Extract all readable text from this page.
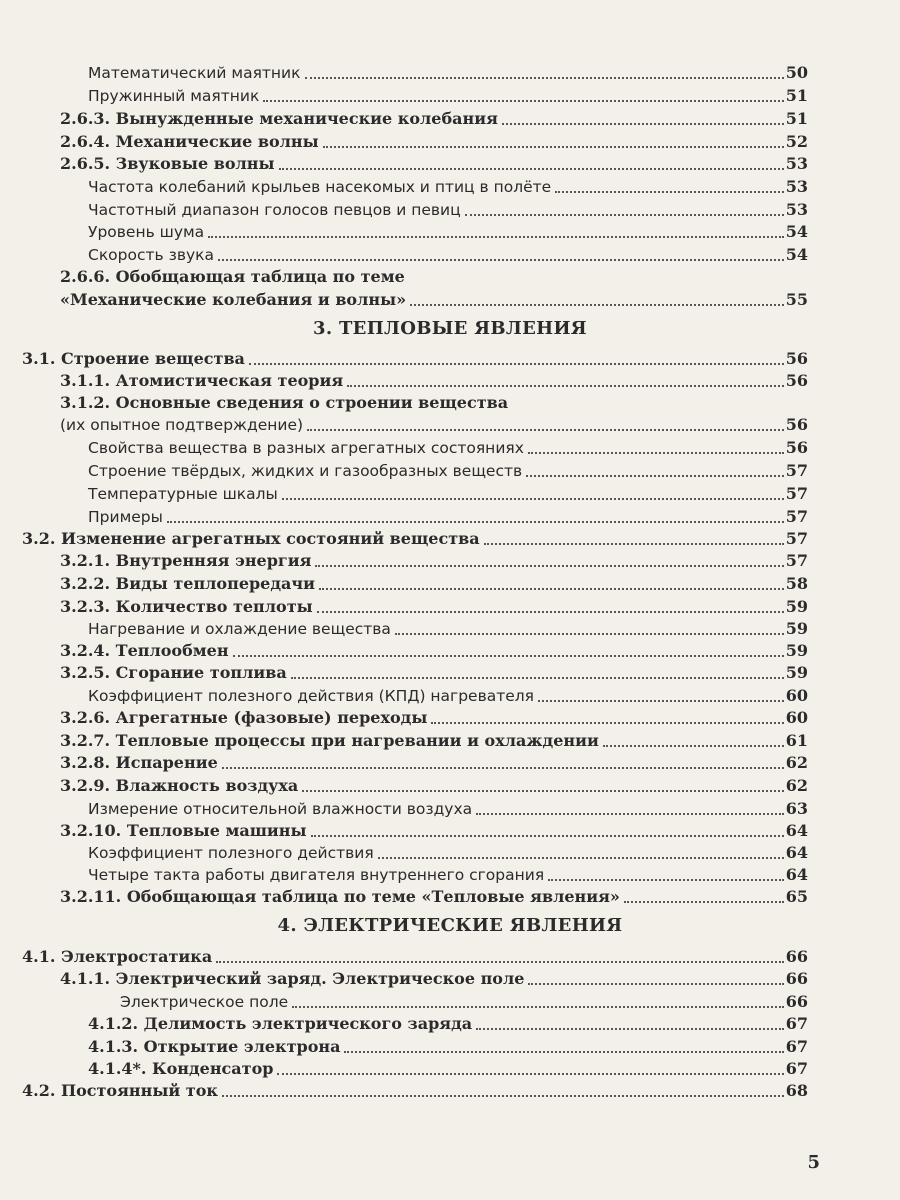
Математический маятник	50
Пружинный маятник	51
2.6.3. Вынужденные механические колебания	51
2.6.4. Механические волны	52
2.6.5. Звуковые волны	53
Частота колебаний крыльев насекомых и птиц в полёте	53
Частотный диапазон голосов певцов и певиц	53
Уровень шума	54
Скорость звука	54
2.6.6. Обобщающая таблица по теме
«Механические колебания и волны»	55
3. ТЕПЛОВЫЕ ЯВЛЕНИЯ
3.1. Строение вещества	56
3.1.1. Атомистическая теория	56
3.1.2. Основные сведения о строении вещества
(их опытное подтверждение)	56
Свойства вещества в разных агрегатных состояниях	56
Строение твёрдых, жидких и газообразных веществ	57
Температурные шкалы	57
Примеры	57
3.2. Изменение агрегатных состояний вещества	57
3.2.1. Внутренняя энергия	57
3.2.2. Виды теплопередачи	58
3.2.3. Количество теплоты	59
Нагревание и охлаждение вещества	59
3.2.4. Теплообмен	59
3.2.5. Сгорание топлива	59
Коэффициент полезного действия (КПД) нагревателя	60
3.2.6. Агрегатные (фазовые) переходы	60
3.2.7. Тепловые процессы при нагревании и охлаждении	61
3.2.8. Испарение	62
3.2.9. Влажность воздуха	62
Измерение относительной влажности воздуха	63
3.2.10. Тепловые машины	64
Коэффициент полезного действия	64
Четыре такта работы двигателя внутреннего сгорания	64
3.2.11. Обобщающая таблица по теме «Тепловые явления»	65
4. ЭЛЕКТРИЧЕСКИЕ ЯВЛЕНИЯ
4.1. Электростатика	66
4.1.1. Электрический заряд. Электрическое поле	66
Электрическое поле	66
4.1.2. Делимость электрического заряда	67
4.1.3. Открытие электрона	67
4.1.4*. Конденсатор	67
4.2. Постоянный ток	68
5
